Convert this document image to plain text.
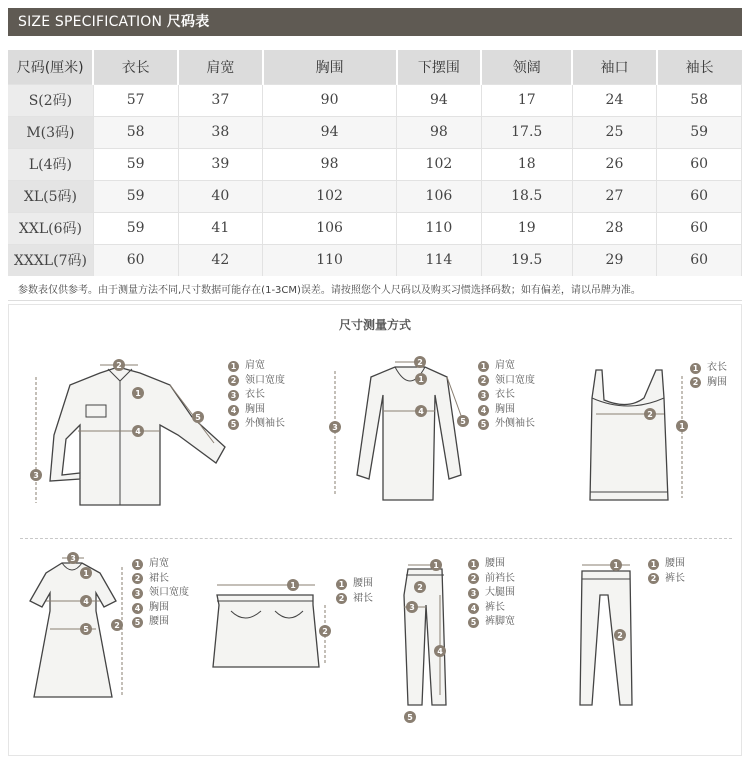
SIZE SPECIFICATION 尺码表
尺码(厘米)	衣长	肩宽	胸围	下摆围	领阔	袖口	袖长
S(2码)	57	37	90	94	17	24	58
M(3码)	58	38	94	98	17.5	25	59
L(4码)	59	39	98	102	18	26	60
XL(5码)	59	40	102	106	18.5	27	60
XXL(6码)	59	41	106	110	19	28	60
XXXL(7码)	60	42	110	114	19.5	29	60
参数表仅供参考。由于测量方法不同,尺寸数据可能存在(1-3CM)误差。请按照您个人尺码以及购买习惯选择码数；如有偏差，请以吊牌为准。
尺寸测量方式
2
1
4
3
5
1 肩宽
2 领口宽度
3 衣长
4 胸围
5 外侧袖长
2
1
4
3
5
1 肩宽
2 领口宽度
3 衣长
4 胸围
5 外侧袖长
2
1
1 衣长
2 胸围
3
1
4
5	2
1 肩宽
2 裙长
3 领口宽度
4 胸围
5 腰围
1
2
1 腰围
2 裙长
1
2
3
4
5
1 腰围
2 前裆长
3 大腿围
4 裤长
5 裤脚宽
1
2
1 腰围
2 裤长
